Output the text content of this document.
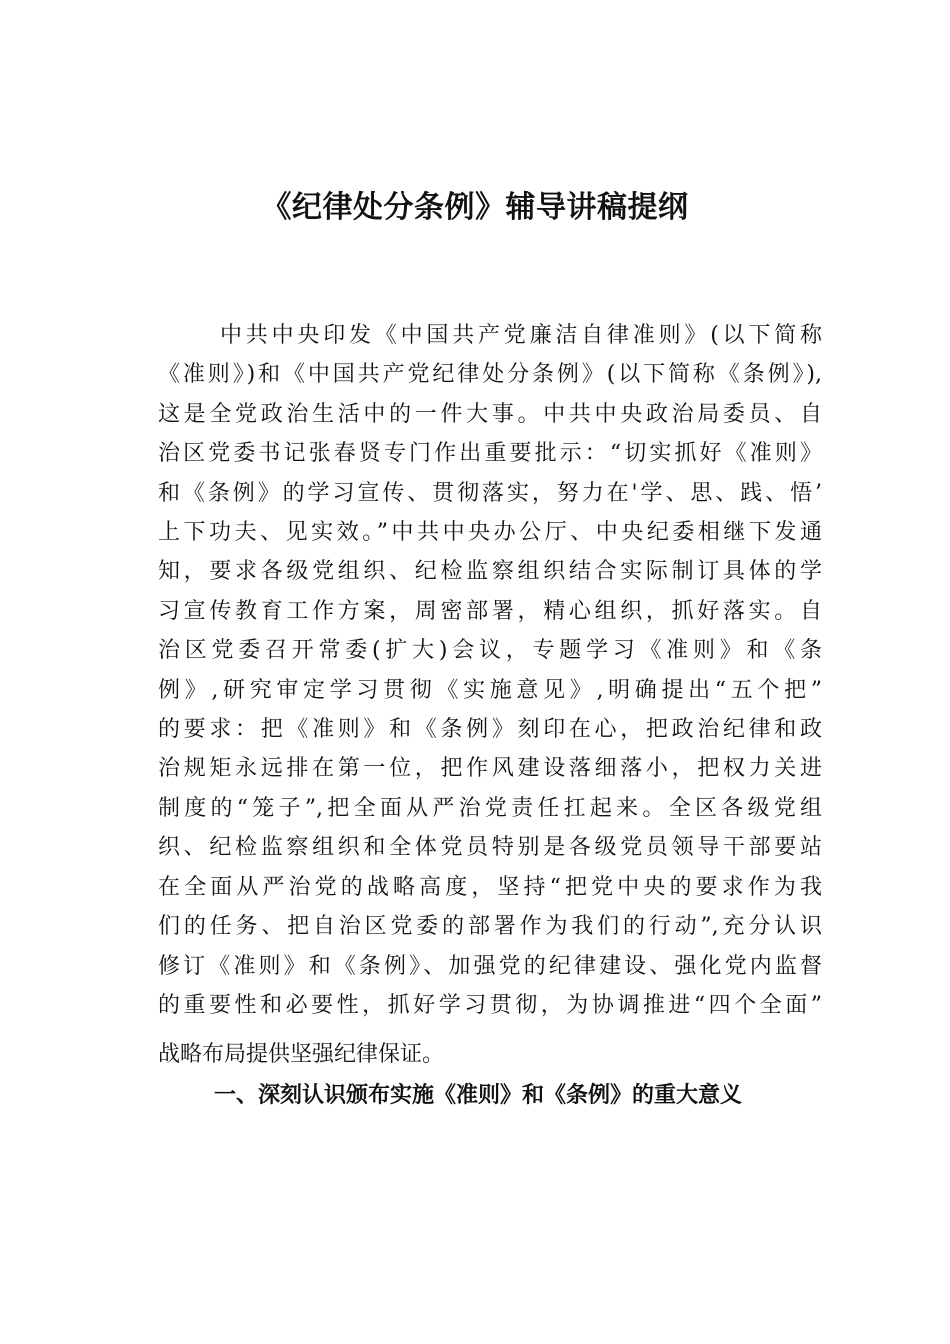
《纪律处分条例》辅导讲稿提纲
中共中央印发《中国共产党廉洁自律准则》(以下简称
《准则》)和《中国共产党纪律处分条例》(以下简称《条例》),
这是全党政治生活中的一件大事。中共中央政治局委员、自
治区党委书记张春贤专门作出重要批示：“切实抓好《准则》
和《条例》的学习宣传、贯彻落实，努力在'学、思、践、悟’
上下功夫、见实效。”中共中央办公厅、中央纪委相继下发通
知，要求各级党组织、纪检监察组织结合实际制订具体的学
习宣传教育工作方案，周密部署，精心组织，抓好落实。自
治区党委召开常委(扩大)会议，专题学习《准则》和《条
例》,研究审定学习贯彻《实施意见》,明确提出“五个把”
的要求：把《准则》和《条例》刻印在心，把政治纪律和政
治规矩永远排在第一位，把作风建设落细落小，把权力关进
制度的“笼子”,把全面从严治党责任扛起来。全区各级党组
织、纪检监察组织和全体党员特别是各级党员领导干部要站
在全面从严治党的战略高度，坚持“把党中央的要求作为我
们的任务、把自治区党委的部署作为我们的行动”,充分认识
修订《准则》和《条例》、加强党的纪律建设、强化党内监督
的重要性和必要性，抓好学习贯彻，为协调推进“四个全面”
战略布局提供坚强纪律保证。
一、深刻认识颁布实施《准则》和《条例》的重大意义
